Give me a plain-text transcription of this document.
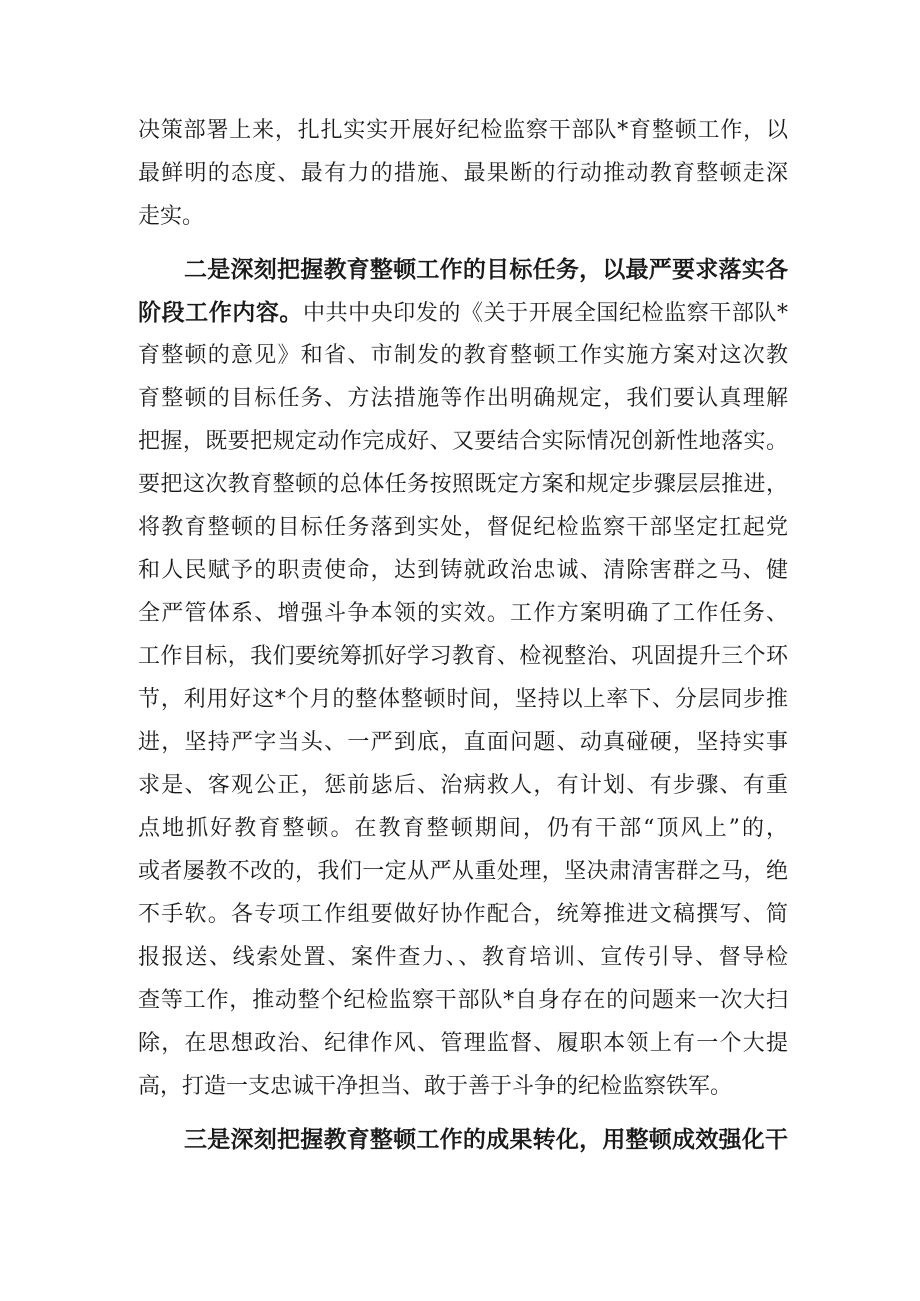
决策部署上来，扎扎实实开展好纪检监察干部队*育整顿工作，以
最鲜明的态度、最有力的措施、最果断的行动推动教育整顿走深
走实。
二是深刻把握教育整顿工作的目标任务，以最严要求落实各
阶段工作内容。中共中央印发的《关于开展全国纪检监察干部队*
育整顿的意见》和省、市制发的教育整顿工作实施方案对这次教
育整顿的目标任务、方法措施等作出明确规定，我们要认真理解
把握，既要把规定动作完成好、又要结合实际情况创新性地落实。
要把这次教育整顿的总体任务按照既定方案和规定步骤层层推进，
将教育整顿的目标任务落到实处，督促纪检监察干部坚定扛起党
和人民赋予的职责使命，达到铸就政治忠诚、清除害群之马、健
全严管体系、增强斗争本领的实效。工作方案明确了工作任务、
工作目标，我们要统筹抓好学习教育、检视整治、巩固提升三个环
节，利用好这*个月的整体整顿时间，坚持以上率下、分层同步推
进，坚持严字当头、一严到底，直面问题、动真碰硬，坚持实事
求是、客观公正，惩前毖后、治病救人，有计划、有步骤、有重
点地抓好教育整顿。在教育整顿期间，仍有干部“顶风上”的，
或者屡教不改的，我们一定从严从重处理，坚决肃清害群之马，绝
不手软。各专项工作组要做好协作配合，统筹推进文稿撰写、简
报报送、线索处置、案件查力、、教育培训、宣传引导、督导检
查等工作，推动整个纪检监察干部队*自身存在的问题来一次大扫
除，在思想政治、纪律作风、管理监督、履职本领上有一个大提
高，打造一支忠诚干净担当、敢于善于斗争的纪检监察铁军。
三是深刻把握教育整顿工作的成果转化，用整顿成效强化干
